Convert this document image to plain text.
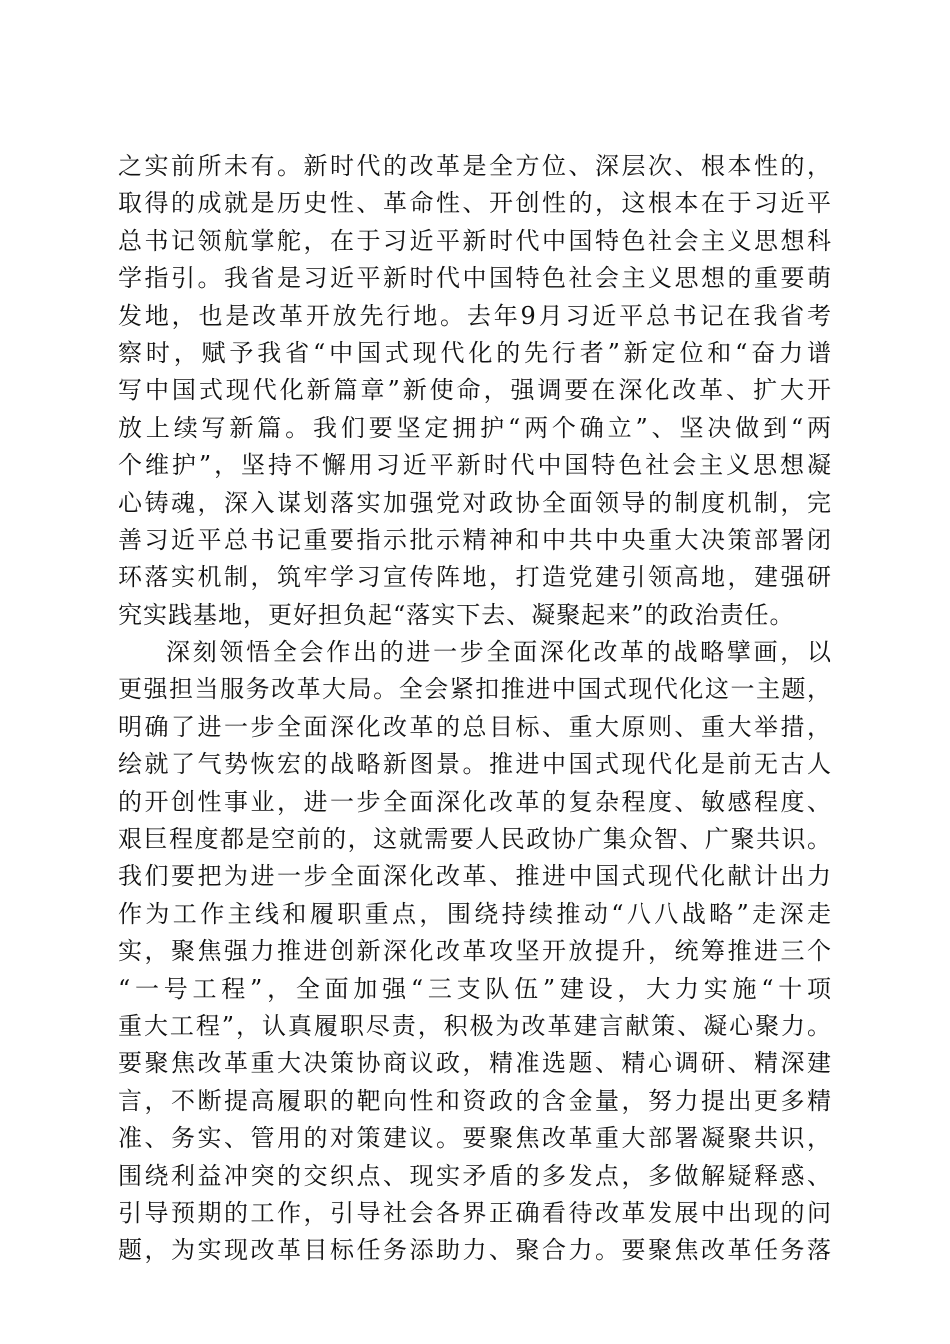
之实前所未有。新时代的改革是全方位、深层次、根本性的，
取得的成就是历史性、革命性、开创性的，这根本在于习近平
总书记领航掌舵，在于习近平新时代中国特色社会主义思想科
学指引。我省是习近平新时代中国特色社会主义思想的重要萌
发地，也是改革开放先行地。去年9月习近平总书记在我省考
察时，赋予我省“中国式现代化的先行者”新定位和“奋力谱
写中国式现代化新篇章”新使命，强调要在深化改革、扩大开
放上续写新篇。我们要坚定拥护“两个确立”、坚决做到“两
个维护”，坚持不懈用习近平新时代中国特色社会主义思想凝
心铸魂，深入谋划落实加强党对政协全面领导的制度机制，完
善习近平总书记重要指示批示精神和中共中央重大决策部署闭
环落实机制，筑牢学习宣传阵地，打造党建引领高地，建强研
究实践基地，更好担负起“落实下去、凝聚起来”的政治责任。
深刻领悟全会作出的进一步全面深化改革的战略擘画，以
更强担当服务改革大局。全会紧扣推进中国式现代化这一主题，
明确了进一步全面深化改革的总目标、重大原则、重大举措，
绘就了气势恢宏的战略新图景。推进中国式现代化是前无古人
的开创性事业，进一步全面深化改革的复杂程度、敏感程度、
艰巨程度都是空前的，这就需要人民政协广集众智、广聚共识。
我们要把为进一步全面深化改革、推进中国式现代化献计出力
作为工作主线和履职重点，围绕持续推动“八八战略”走深走
实，聚焦强力推进创新深化改革攻坚开放提升，统筹推进三个
“一号工程”，全面加强“三支队伍”建设，大力实施“十项
重大工程”，认真履职尽责，积极为改革建言献策、凝心聚力。
要聚焦改革重大决策协商议政，精准选题、精心调研、精深建
言，不断提高履职的靶向性和资政的含金量，努力提出更多精
准、务实、管用的对策建议。要聚焦改革重大部署凝聚共识，
围绕利益冲突的交织点、现实矛盾的多发点，多做解疑释惑、
引导预期的工作，引导社会各界正确看待改革发展中出现的问
题，为实现改革目标任务添助力、聚合力。要聚焦改革任务落
